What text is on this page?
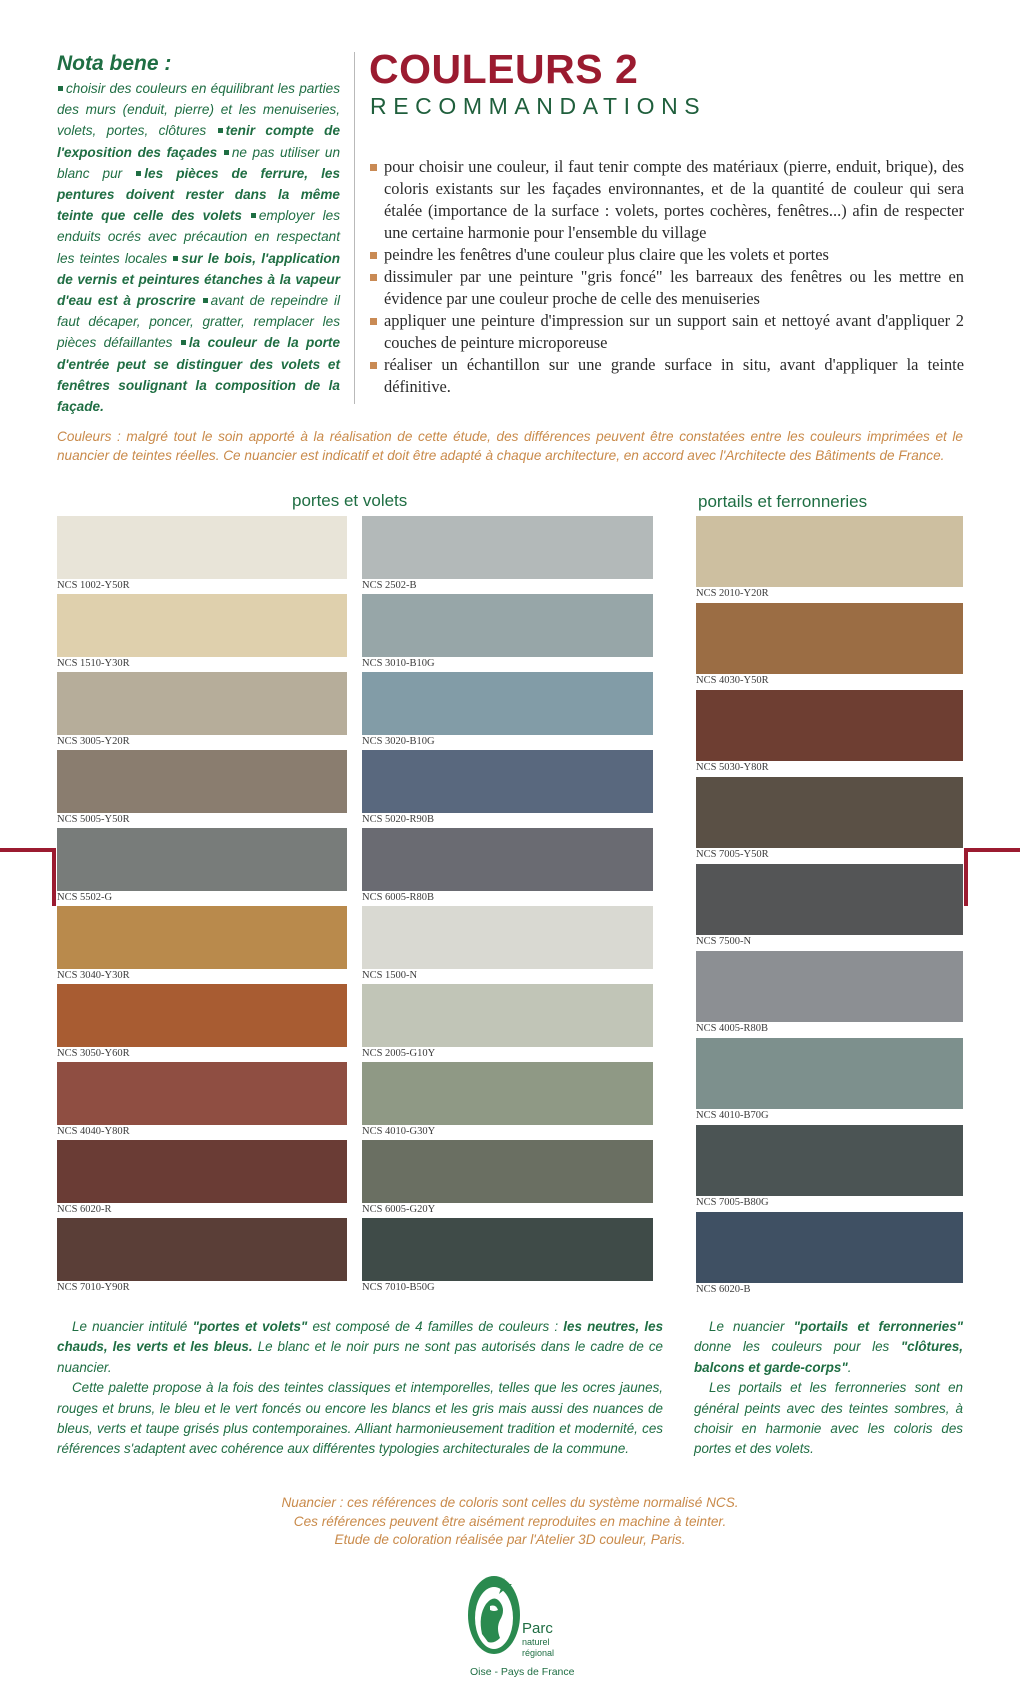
Nota bene :
choisir des couleurs en équilibrant les parties des murs (enduit, pierre) et les menuiseries, volets, portes, clôtures tenir compte de l'exposition des façades ne pas utiliser un blanc pur les pièces de ferrure, les pentures doivent rester dans la même teinte que celle des volets employer les enduits ocrés avec précaution en respectant les teintes locales sur le bois, l'application de vernis et peintures étanches à la vapeur d'eau est à proscrire avant de repeindre il faut décaper, poncer, gratter, remplacer les pièces défaillantes la couleur de la porte d'entrée peut se distinguer des volets et fenêtres soulignant la composition de la façade.
COULEURS 2
RECOMMANDATIONS
pour choisir une couleur, il faut tenir compte des matériaux (pierre, enduit, brique), des coloris existants sur les façades environnantes, et de la quantité de couleur qui sera étalée (importance de la surface : volets, portes cochères, fenêtres...) afin de respecter une certaine harmonie pour l'ensemble du village
peindre les fenêtres d'une couleur plus claire que les volets et portes
dissimuler par une peinture "gris foncé" les barreaux des fenêtres ou les mettre en évidence par une couleur proche de celle des menuiseries
appliquer une peinture d'impression sur un support sain et nettoyé avant d'appliquer 2 couches de peinture microporeuse
réaliser un échantillon sur une grande surface in situ, avant d'appliquer la teinte définitive.
Couleurs : malgré tout le soin apporté à la réalisation de cette étude, des différences peuvent être constatées entre les couleurs imprimées et le nuancier de teintes réelles. Ce nuancier est indicatif et doit être adapté à chaque architecture, en accord avec l'Architecte des Bâtiments de France.
portes et volets	portails et ferronneries
NCS 1002-Y50R
NCS 1510-Y30R
NCS 3005-Y20R
NCS 5005-Y50R
NCS 5502-G
NCS 3040-Y30R
NCS 3050-Y60R
NCS 4040-Y80R
NCS 6020-R
NCS 7010-Y90R
NCS 2502-B
NCS 3010-B10G
NCS 3020-B10G
NCS 5020-R90B
NCS 6005-R80B
NCS 1500-N
NCS 2005-G10Y
NCS 4010-G30Y
NCS 6005-G20Y
NCS 7010-B50G
NCS 2010-Y20R
NCS 4030-Y50R
NCS 5030-Y80R
NCS 7005-Y50R
NCS 7500-N
NCS 4005-R80B
NCS 4010-B70G
NCS 7005-B80G
NCS 6020-B

Le nuancier intitulé "portes et volets" est composé de 4 familles de couleurs : les neutres, les chauds, les verts et les bleus. Le blanc et le noir purs ne sont pas autorisés dans le cadre de ce nuancier.

Cette palette propose à la fois des teintes classiques et intemporelles, telles que les ocres jaunes, rouges et bruns, le bleu et le vert foncés ou encore les blancs et les gris mais aussi des nuances de bleus, verts et taupe grisés plus contemporaines. Alliant harmonieusement tradition et modernité, ces références s'adaptent avec cohérence aux différentes typologies architecturales de la commune.

Le nuancier "portails et ferronneries" donne les couleurs pour les "clôtures, balcons et garde-corps".

Les portails et les ferronneries sont en général peints avec des teintes sombres, à choisir en harmonie avec les coloris des portes et des volets.

Nuancier : ces références de coloris sont celles du système normalisé NCS.
Ces références peuvent être aisément reproduites en machine à teinter.
Etude de coloration réalisée par l'Atelier 3D couleur, Paris.
Parc
naturel
régional
Oise - Pays de France
